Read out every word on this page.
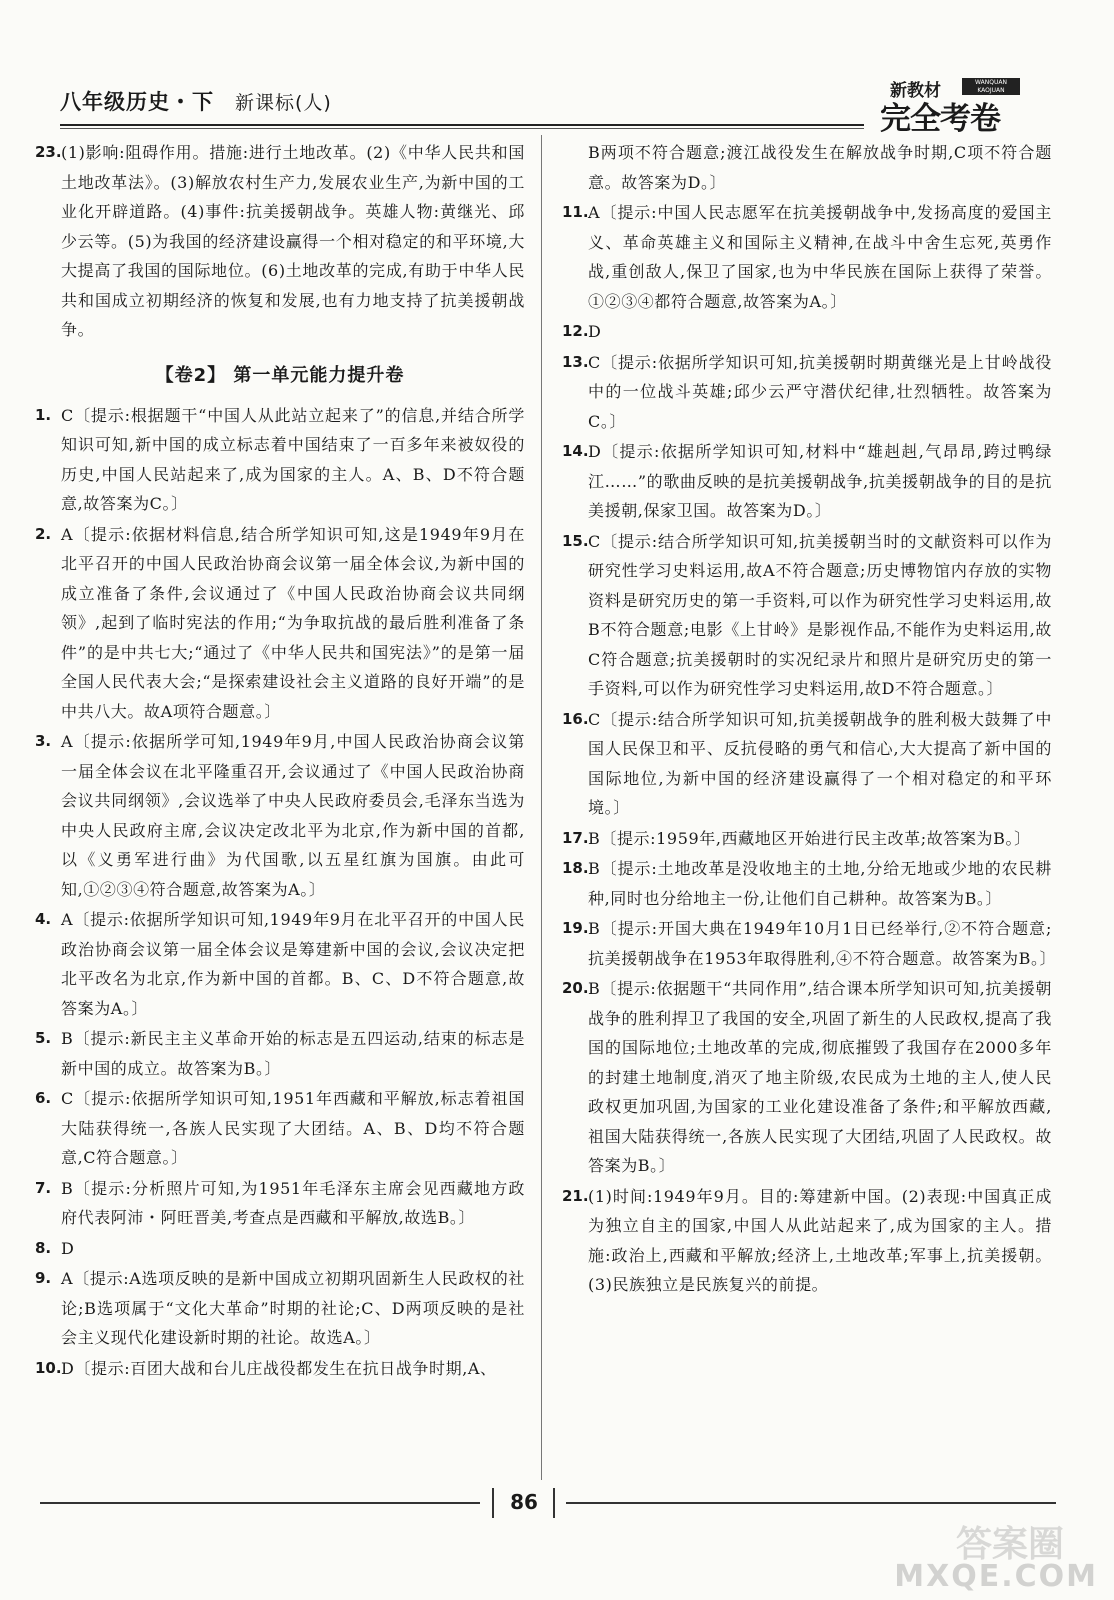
八年级历史・下 新课标(人)
新教材	WANQUAN KAOJUAN
完全考卷
23. (1)影响:阻碍作用。措施:进行土地改革。(2)《中华人民共和国土地改革法》。(3)解放农村生产力,发展农业生产,为新中国的工业化开辟道路。(4)事件:抗美援朝战争。英雄人物:黄继光、邱少云等。(5)为我国的经济建设赢得一个相对稳定的和平环境,大大提高了我国的国际地位。(6)土地改革的完成,有助于中华人民共和国成立初期经济的恢复和发展,也有力地支持了抗美援朝战争。
【卷2】 第一单元能力提升卷
1. C〔提示:根据题干“中国人从此站立起来了”的信息,并结合所学知识可知,新中国的成立标志着中国结束了一百多年来被奴役的历史,中国人民站起来了,成为国家的主人。A、B、D不符合题意,故答案为C。〕
2. A〔提示:依据材料信息,结合所学知识可知,这是1949年9月在北平召开的中国人民政治协商会议第一届全体会议,为新中国的成立准备了条件,会议通过了《中国人民政治协商会议共同纲领》,起到了临时宪法的作用;“为争取抗战的最后胜利准备了条件”的是中共七大;“通过了《中华人民共和国宪法》”的是第一届全国人民代表大会;“是探索建设社会主义道路的良好开端”的是中共八大。故A项符合题意。〕
3. A〔提示:依据所学可知,1949年9月,中国人民政治协商会议第一届全体会议在北平隆重召开,会议通过了《中国人民政治协商会议共同纲领》,会议选举了中央人民政府委员会,毛泽东当选为中央人民政府主席,会议决定改北平为北京,作为新中国的首都,以《义勇军进行曲》为代国歌,以五星红旗为国旗。由此可知,①②③④符合题意,故答案为A。〕
4. A〔提示:依据所学知识可知,1949年9月在北平召开的中国人民政治协商会议第一届全体会议是筹建新中国的会议,会议决定把北平改名为北京,作为新中国的首都。B、C、D不符合题意,故答案为A。〕
5. B〔提示:新民主主义革命开始的标志是五四运动,结束的标志是新中国的成立。故答案为B。〕
6. C〔提示:依据所学知识可知,1951年西藏和平解放,标志着祖国大陆获得统一,各族人民实现了大团结。A、B、D均不符合题意,C符合题意。〕
7. B〔提示:分析照片可知,为1951年毛泽东主席会见西藏地方政府代表阿沛・阿旺晋美,考查点是西藏和平解放,故选B。〕
8. D
9. A〔提示:A选项反映的是新中国成立初期巩固新生人民政权的社论;B选项属于“文化大革命”时期的社论;C、D两项反映的是社会主义现代化建设新时期的社论。故选A。〕
10. D〔提示:百团大战和台儿庄战役都发生在抗日战争时期,A、
B两项不符合题意;渡江战役发生在解放战争时期,C项不符合题意。故答案为D。〕
11. A〔提示:中国人民志愿军在抗美援朝战争中,发扬高度的爱国主义、革命英雄主义和国际主义精神,在战斗中舍生忘死,英勇作战,重创敌人,保卫了国家,也为中华民族在国际上获得了荣誉。①②③④都符合题意,故答案为A。〕
12. D
13. C〔提示:依据所学知识可知,抗美援朝时期黄继光是上甘岭战役中的一位战斗英雄;邱少云严守潜伏纪律,壮烈牺牲。故答案为C。〕
14. D〔提示:依据所学知识可知,材料中“雄赳赳,气昂昂,跨过鸭绿江……”的歌曲反映的是抗美援朝战争,抗美援朝战争的目的是抗美援朝,保家卫国。故答案为D。〕
15. C〔提示:结合所学知识可知,抗美援朝当时的文献资料可以作为研究性学习史料运用,故A不符合题意;历史博物馆内存放的实物资料是研究历史的第一手资料,可以作为研究性学习史料运用,故B不符合题意;电影《上甘岭》是影视作品,不能作为史料运用,故C符合题意;抗美援朝时的实况纪录片和照片是研究历史的第一手资料,可以作为研究性学习史料运用,故D不符合题意。〕
16. C〔提示:结合所学知识可知,抗美援朝战争的胜利极大鼓舞了中国人民保卫和平、反抗侵略的勇气和信心,大大提高了新中国的国际地位,为新中国的经济建设赢得了一个相对稳定的和平环境。〕
17. B〔提示:1959年,西藏地区开始进行民主改革;故答案为B。〕
18. B〔提示:土地改革是没收地主的土地,分给无地或少地的农民耕种,同时也分给地主一份,让他们自己耕种。故答案为B。〕
19. B〔提示:开国大典在1949年10月1日已经举行,②不符合题意;抗美援朝战争在1953年取得胜利,④不符合题意。故答案为B。〕
20. B〔提示:依据题干“共同作用”,结合课本所学知识可知,抗美援朝战争的胜利捍卫了我国的安全,巩固了新生的人民政权,提高了我国的国际地位;土地改革的完成,彻底摧毁了我国存在2000多年的封建土地制度,消灭了地主阶级,农民成为土地的主人,使人民政权更加巩固,为国家的工业化建设准备了条件;和平解放西藏,祖国大陆获得统一,各族人民实现了大团结,巩固了人民政权。故答案为B。〕
21. (1)时间:1949年9月。目的:筹建新中国。(2)表现:中国真正成为独立自主的国家,中国人从此站起来了,成为国家的主人。措施:政治上,西藏和平解放;经济上,土地改革;军事上,抗美援朝。(3)民族独立是民族复兴的前提。
86
答案圈
MXQE.COM
